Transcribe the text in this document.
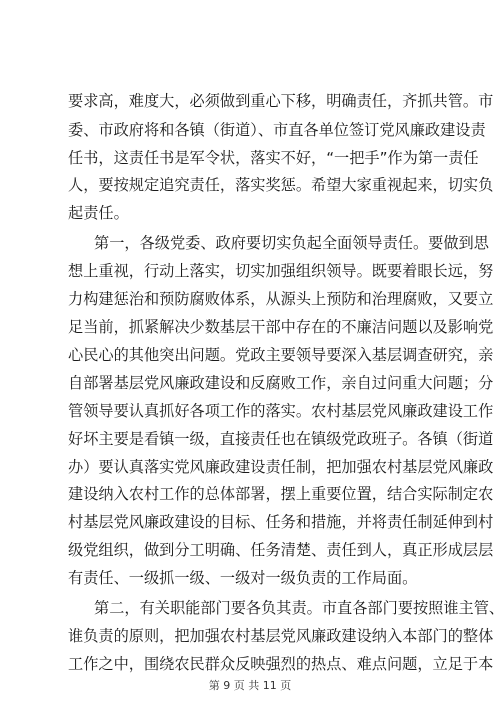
要求高，难度大，必须做到重心下移，明确责任，齐抓共管。市
委、市政府将和各镇（街道）、市直各单位签订党风廉政建设责
任书，这责任书是军令状，落实不好，“一把手”作为第一责任
人，要按规定追究责任，落实奖惩。希望大家重视起来，切实负
起责任。
第一，各级党委、政府要切实负起全面领导责任。要做到思
想上重视，行动上落实，切实加强组织领导。既要着眼长远，努
力构建惩治和预防腐败体系，从源头上预防和治理腐败，又要立
足当前，抓紧解决少数基层干部中存在的不廉洁问题以及影响党
心民心的其他突出问题。党政主要领导要深入基层调查研究，亲
自部署基层党风廉政建设和反腐败工作，亲自过问重大问题；分
管领导要认真抓好各项工作的落实。农村基层党风廉政建设工作
好坏主要是看镇一级，直接责任也在镇级党政班子。各镇（街道
办）要认真落实党风廉政建设责任制，把加强农村基层党风廉政
建设纳入农村工作的总体部署，摆上重要位置，结合实际制定农
村基层党风廉政建设的目标、任务和措施，并将责任制延伸到村
级党组织，做到分工明确、任务清楚、责任到人，真正形成层层
有责任、一级抓一级、一级对一级负责的工作局面。
第二，有关职能部门要各负其责。市直各部门要按照谁主管、
谁负责的原则，把加强农村基层党风廉政建设纳入本部门的整体
工作之中，围绕农民群众反映强烈的热点、难点问题，立足于本
第 9 页 共 11 页
